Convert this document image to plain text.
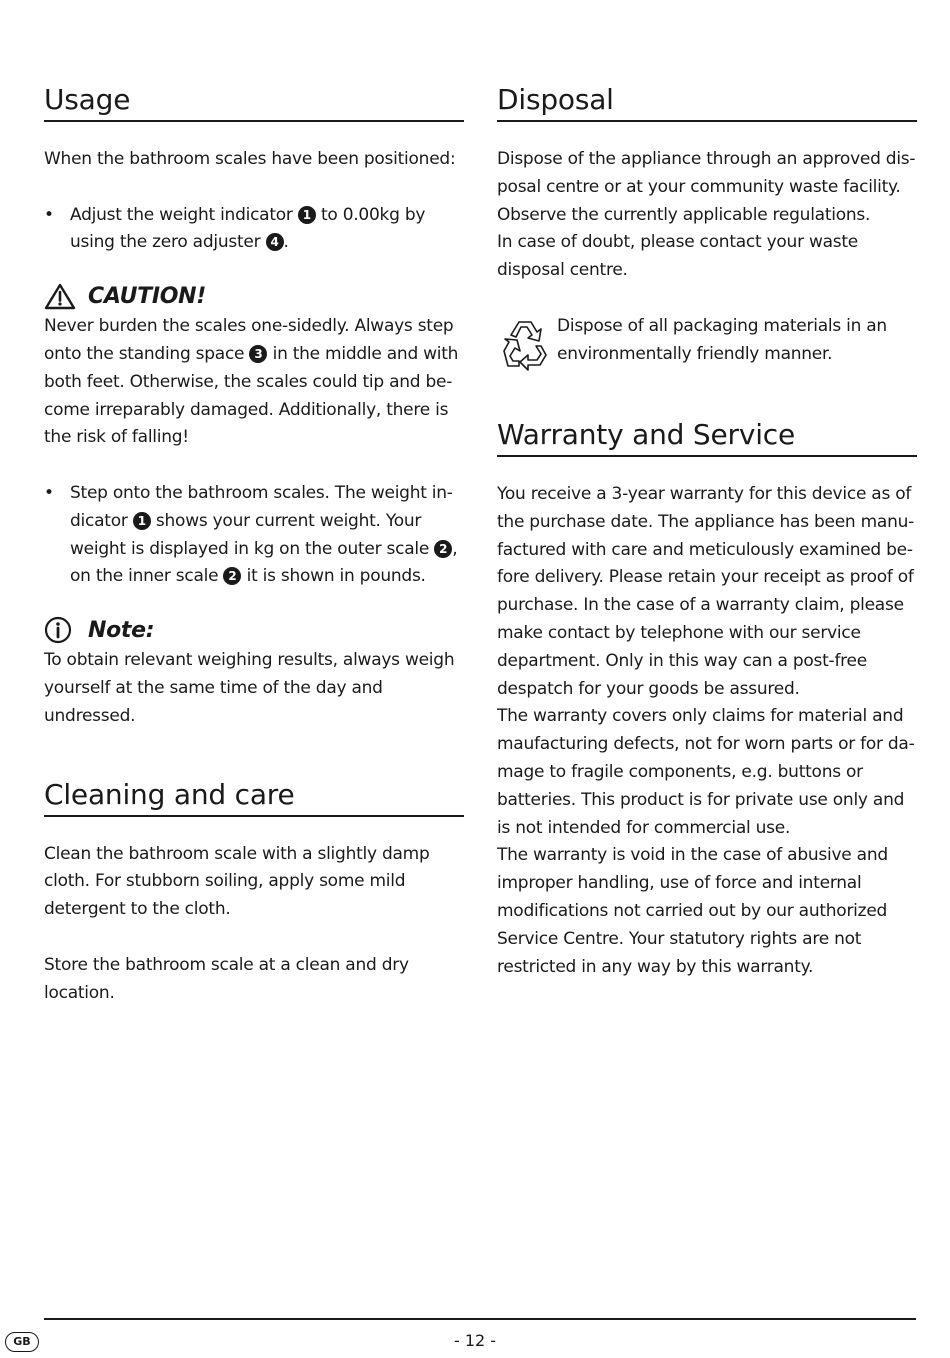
Usage

When the bathroom scales have been positioned:

• Adjust the weight indicator 1 to 0.00kg by using the zero adjuster 4 .
CAUTION!

Never burden the scales one-sidedly. Always step onto the standing space 3 in the middle and with both feet. Otherwise, the scales could tip and become irreparably damaged. Additionally, there is the risk of falling!

• Step onto the bathroom scales. The weight indicator 1 shows your current weight. Your weight is displayed in kg on the outer scale 2 , on the inner scale 2 it is shown in pounds.
Note:

To obtain relevant weighing results, always weigh yourself at the same time of the day and undressed.

Cleaning and care

Clean the bathroom scale with a slightly damp cloth. For stubborn soiling, apply some mild detergent to the cloth.

Store the bathroom scale at a clean and dry location.

Disposal

Dispose of the appliance through an approved disposal centre or at your community waste facility. Observe the currently applicable regulations.

In case of doubt, please contact your waste disposal centre.

Dispose of all packaging materials in an environmentally friendly manner.

Warranty and Service

You receive a 3-year warranty for this device as of the purchase date. The appliance has been manufactured with care and meticulously examined before delivery. Please retain your receipt as proof of purchase. In the case of a warranty claim, please make contact by telephone with our service department. Only in this way can a post-free despatch for your goods be assured.

The warranty covers only claims for material and maufacturing defects, not for worn parts or for damage to fragile components, e.g. buttons or batteries. This product is for private use only and is not intended for commercial use.

The warranty is void in the case of abusive and improper handling, use of force and internal modifications not carried out by our authorized Service Centre. Your statutory rights are not restricted in any way by this warranty.

GB	- 12 -
